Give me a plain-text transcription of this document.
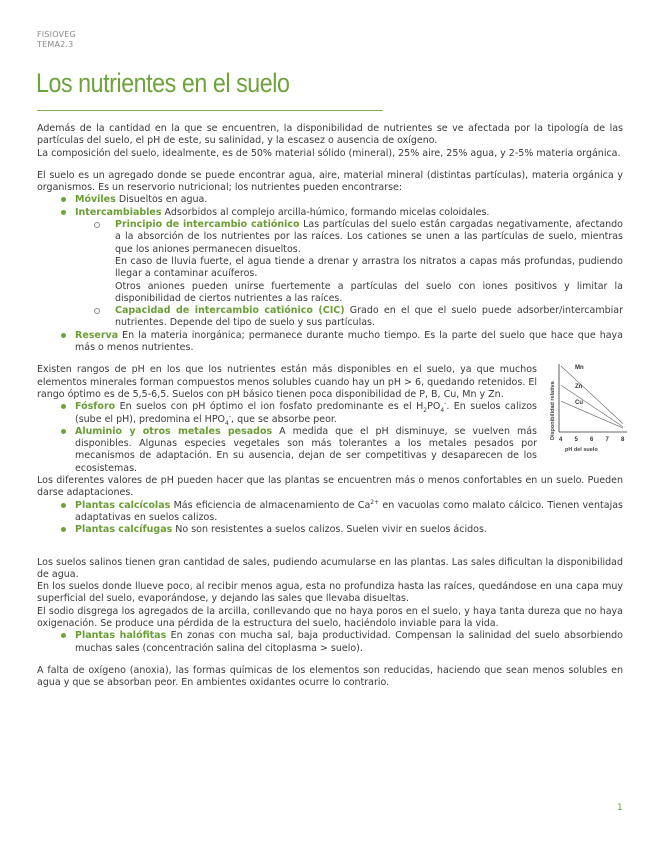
FISIOVEG
TEMA2.3
Los nutrientes en el suelo

Además de la cantidad en la que se encuentren, la disponibilidad de nutrientes se ve afectada por la tipología de las partículas del suelo, el pH de este, su salinidad, y la escasez o ausencia de oxígeno.

La composición del suelo, idealmente, es de 50% material sólido (mineral), 25% aire, 25% agua, y 2-5% materia orgánica.

El suelo es un agregado donde se puede encontrar agua, aire, material mineral (distintas partículas), materia orgánica y organismos. Es un reservorio nutricional; los nutrientes pueden encontrarse:

Móviles Disueltos en agua.
Intercambiables Adsorbidos al complejo arcilla-húmico, formando micelas coloidales.

Principio de intercambio catiónico Las partículas del suelo están cargadas negativamente, afectando a la absorción de los nutrientes por las raíces. Los cationes se unen a las partículas de suelo, mientras que los aniones permanecen disueltos.

En caso de lluvia fuerte, el agua tiende a drenar y arrastra los nitratos a capas más profundas, pudiendo llegar a contaminar acuíferos.

Otros aniones pueden unirse fuertemente a partículas del suelo con iones positivos y limitar la disponibilidad de ciertos nutrientes a las raíces.

Capacidad de intercambio catiónico (CIC) Grado en el que el suelo puede adsorber/intercambiar nutrientes. Depende del tipo de suelo y sus partículas.

Reserva En la materia inorgánica; permanece durante mucho tiempo. Es la parte del suelo que hace que haya más o menos nutrientes.

Existen rangos de pH en los que los nutrientes están más disponibles en el suelo, ya que muchos elementos minerales forman compuestos menos solubles cuando hay un pH > 6, quedando retenidos. El rango óptimo es de 5,5-6,5. Suelos con pH básico tienen poca disponibilidad de P, B, Cu, Mn y Zn.

Fósforo En suelos con pH óptimo el ion fosfato predominante es el $H_2PO_4^-$. En suelos calizos (sube el pH), predomina el $HPO_4^-$, que se absorbe peor.
Aluminio y otros metales pesados A medida que el pH disminuye, se vuelven más disponibles. Algunas especies vegetales son más tolerantes a los metales pesados por mecanismos de adaptación. En su ausencia, dejan de ser competitivas y desaparecen de los ecosistemas.
Disponibilidad relativa
Mn
Zn
Cu
4 5 6 7 8
pH del suelo

Los diferentes valores de pH pueden hacer que las plantas se encuentren más o menos confortables en un suelo. Pueden darse adaptaciones.

Plantas calcícolas Más eficiencia de almacenamiento de $Ca^{2+}$ en vacuolas como malato cálcico. Tienen ventajas adaptativas en suelos calizos.
Plantas calcífugas No son resistentes a suelos calizos. Suelen vivir en suelos ácidos.

Los suelos salinos tienen gran cantidad de sales, pudiendo acumularse en las plantas. Las sales dificultan la disponibilidad de agua.

En los suelos donde llueve poco, al recibir menos agua, esta no profundiza hasta las raíces, quedándose en una capa muy superficial del suelo, evaporándose, y dejando las sales que llevaba disueltas.

El sodio disgrega los agregados de la arcilla, conllevando que no haya poros en el suelo, y haya tanta dureza que no haya oxigenación. Se produce una pérdida de la estructura del suelo, haciéndolo inviable para la vida.

Plantas halófitas En zonas con mucha sal, baja productividad. Compensan la salinidad del suelo absorbiendo muchas sales (concentración salina del citoplasma > suelo).

A falta de oxígeno (anoxia), las formas químicas de los elementos son reducidas, haciendo que sean menos solubles en agua y que se absorban peor. En ambientes oxidantes ocurre lo contrario.

1
